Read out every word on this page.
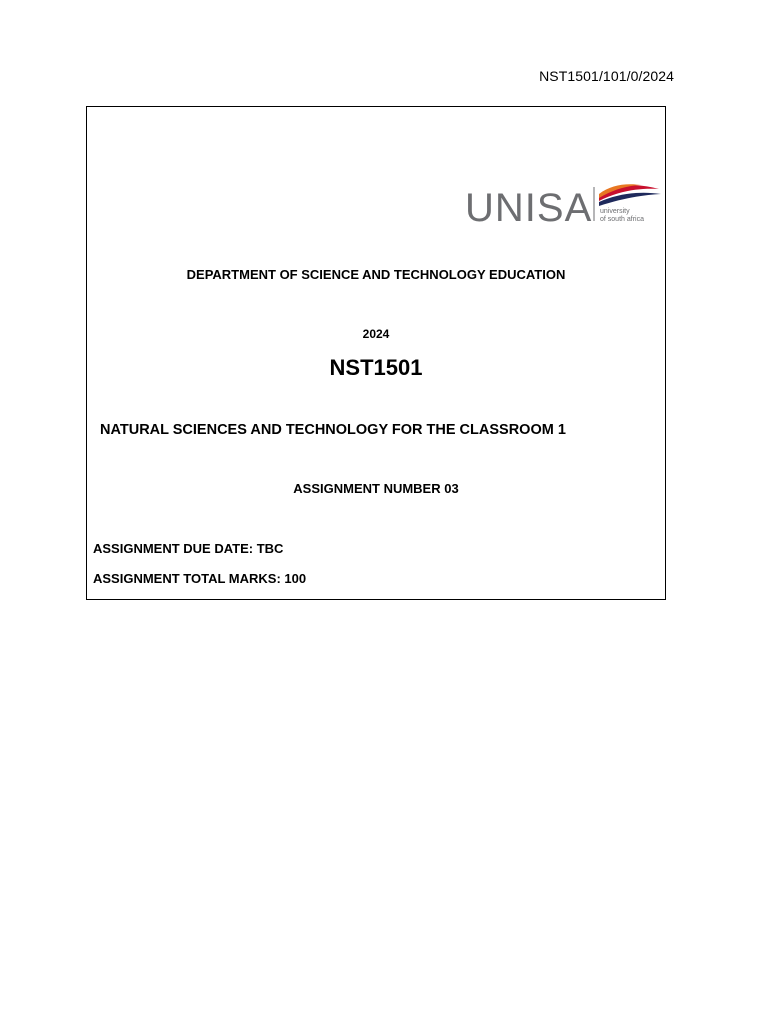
NST1501/101/0/2024
UNISA university
of south africa
DEPARTMENT OF SCIENCE AND TECHNOLOGY EDUCATION
2024
NST1501
NATURAL SCIENCES AND TECHNOLOGY FOR THE CLASSROOM 1
ASSIGNMENT NUMBER 03
ASSIGNMENT DUE DATE: TBC
ASSIGNMENT TOTAL MARKS: 100
